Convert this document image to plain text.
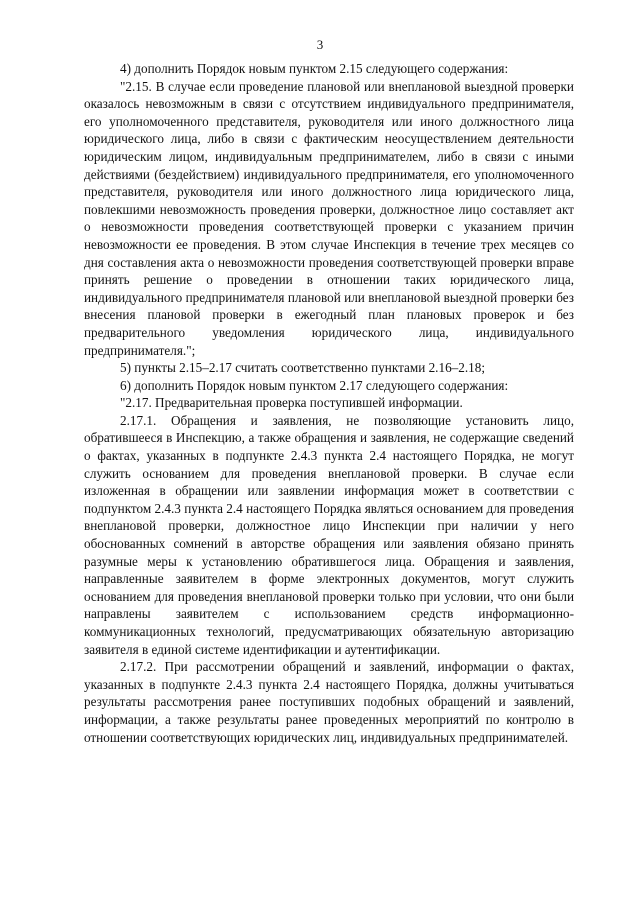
3

4) дополнить Порядок новым пунктом 2.15 следующего содержания:

"2.15. В случае если проведение плановой или внеплановой выездной проверки оказалось невозможным в связи с отсутствием индивидуального предпринимателя, его уполномоченного представителя, руководителя или иного должностного лица юридического лица, либо в связи с фактическим неосуществлением деятельности юридическим лицом, индивидуальным предпринимателем, либо в связи с иными действиями (бездействием) индивидуального предпринимателя, его уполномоченного представителя, руководителя или иного должностного лица юридического лица, повлекшими невозможность проведения проверки, должностное лицо составляет акт о невозможности проведения соответствующей проверки с указанием причин невозможности ее проведения. В этом случае Инспекция в течение трех месяцев со дня составления акта о невозможности проведения соответствующей проверки вправе принять решение о проведении в отношении таких юридического лица, индивидуального предпринимателя плановой или внеплановой выездной проверки без внесения плановой проверки в ежегодный план плановых проверок и без предварительного уведомления юридического лица, индивидуального предпринимателя.";

5) пункты 2.15–2.17 считать соответственно пунктами 2.16–2.18;

6) дополнить Порядок новым пунктом 2.17 следующего содержания:

"2.17. Предварительная проверка поступившей информации.

2.17.1. Обращения и заявления, не позволяющие установить лицо, обратившееся в Инспекцию, а также обращения и заявления, не содержащие сведений о фактах, указанных в подпункте 2.4.3 пункта 2.4 настоящего Порядка, не могут служить основанием для проведения внеплановой проверки. В случае если изложенная в обращении или заявлении информация может в соответствии с подпунктом 2.4.3 пункта 2.4 настоящего Порядка являться основанием для проведения внеплановой проверки, должностное лицо Инспекции при наличии у него обоснованных сомнений в авторстве обращения или заявления обязано принять разумные меры к установлению обратившегося лица. Обращения и заявления, направленные заявителем в форме электронных документов, могут служить основанием для проведения внеплановой проверки только при условии, что они были направлены заявителем с использованием средств информационно-коммуникационных технологий, предусматривающих обязательную авторизацию заявителя в единой системе идентификации и аутентификации.

2.17.2. При рассмотрении обращений и заявлений, информации о фактах, указанных в подпункте 2.4.3 пункта 2.4 настоящего Порядка, должны учитываться результаты рассмотрения ранее поступивших подобных обращений и заявлений, информации, а также результаты ранее проведенных мероприятий по контролю в отношении соответствующих юридических лиц, индивидуальных предпринимателей.
